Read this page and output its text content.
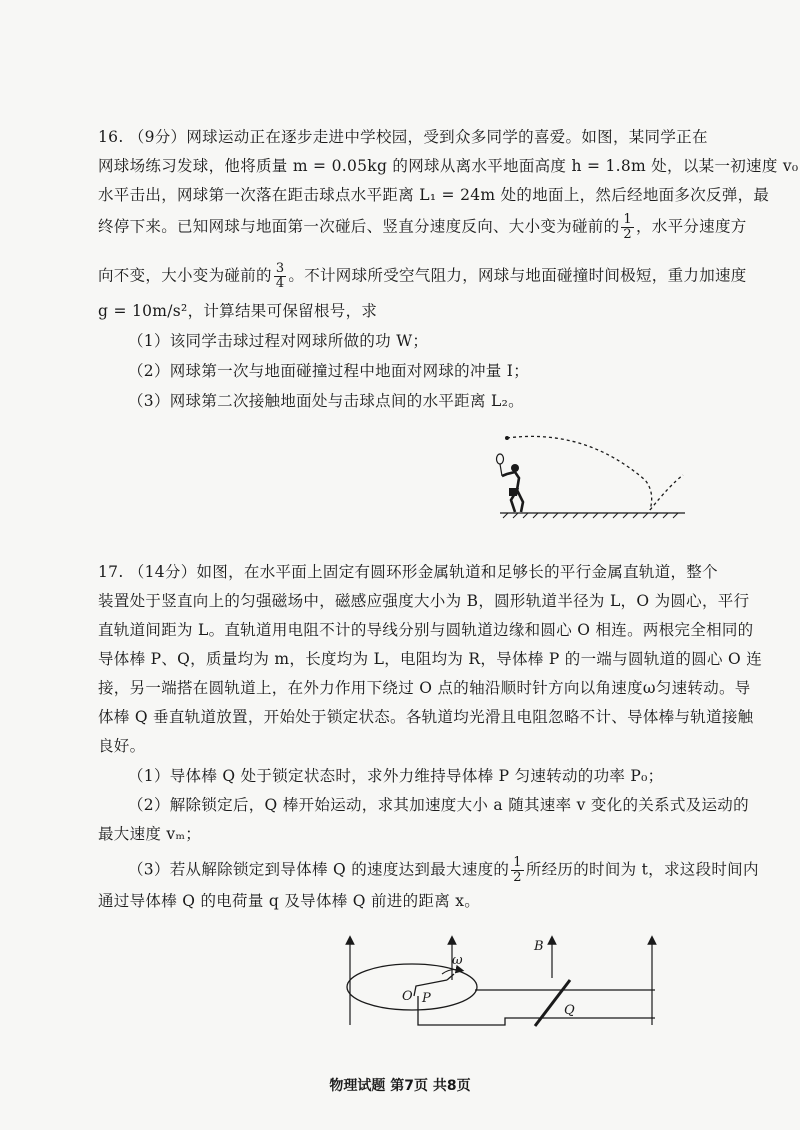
16. （9分）网球运动正在逐步走进中学校园，受到众多同学的喜爱。如图，某同学正在
网球场练习发球，他将质量 m = 0.05kg 的网球从离水平地面高度 h = 1.8m 处，以某一初速度 v₀
水平击出，网球第一次落在距击球点水平距离 L₁ = 24m 处的地面上，然后经地面多次反弹，最
终停下来。已知网球与地面第一次碰后、竖直分速度反向、大小变为碰前的 $\frac{1}{2}$ ，水平分速度方
向不变，大小变为碰前的 $\frac{3}{4}$ 。不计网球所受空气阻力，网球与地面碰撞时间极短，重力加速度
g = 10m/s²，计算结果可保留根号，求
（1）该同学击球过程对网球所做的功 W；
（2）网球第一次与地面碰撞过程中地面对网球的冲量 I；
（3）网球第二次接触地面处与击球点间的水平距离 L₂。
17. （14分）如图，在水平面上固定有圆环形金属轨道和足够长的平行金属直轨道，整个
装置处于竖直向上的匀强磁场中，磁感应强度大小为 B，圆形轨道半径为 L，O 为圆心，平行
直轨道间距为 L。直轨道用电阻不计的导线分别与圆轨道边缘和圆心 O 相连。两根完全相同的
导体棒 P、Q，质量均为 m，长度均为 L，电阻均为 R，导体棒 P 的一端与圆轨道的圆心 O 连
接，另一端搭在圆轨道上，在外力作用下绕过 O 点的轴沿顺时针方向以角速度ω匀速转动。导
体棒 Q 垂直轨道放置，开始处于锁定状态。各轨道均光滑且电阻忽略不计、导体棒与轨道接触
良好。
（1）导体棒 Q 处于锁定状态时，求外力维持导体棒 P 匀速转动的功率 P₀；
（2）解除锁定后，Q 棒开始运动，求其加速度大小 a 随其速率 v 变化的关系式及运动的
最大速度 vₘ；
（3）若从解除锁定到导体棒 Q 的速度达到最大速度的 $\frac{1}{2}$ 所经历的时间为 t，求这段时间内
通过导体棒 Q 的电荷量 q 及导体棒 Q 前进的距离 x。
B
O P
ω
Q
物理试题 第7页 共8页
